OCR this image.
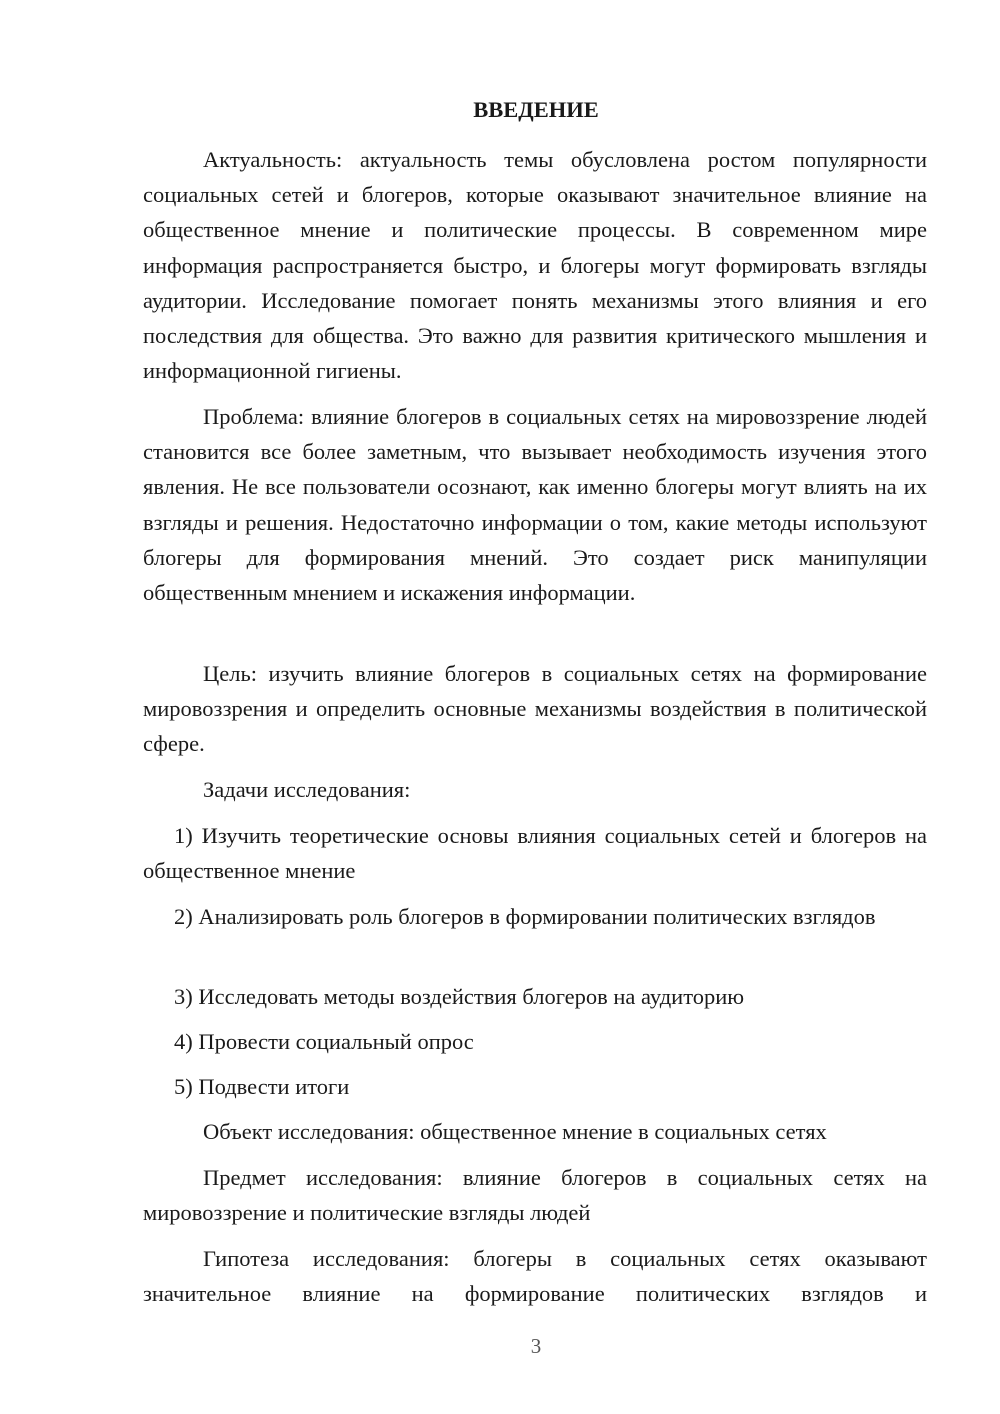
ВВЕДЕНИЕ
Актуальность: актуальность темы обусловлена ростом популярности социальных сетей и блогеров, которые оказывают значительное влияние на общественное мнение и политические процессы. В современном мире информация распространяется быстро, и блогеры могут формировать взгляды аудитории. Исследование помогает понять механизмы этого влияния и его последствия для общества. Это важно для развития критического мышления и информационной гигиены.
Проблема: влияние блогеров в социальных сетях на мировоззрение людей становится все более заметным, что вызывает необходимость изучения этого явления. Не все пользователи осознают, как именно блогеры могут влиять на их взгляды и решения. Недостаточно информации о том, какие методы используют блогеры для формирования мнений. Это создает риск манипуляции общественным мнением и искажения информации.
Цель: изучить влияние блогеров в социальных сетях на формирование мировоззрения и определить основные механизмы воздействия в политической сфере.
Задачи исследования:
1) Изучить теоретические основы влияния социальных сетей и блогеров на общественное мнение
2) Анализировать роль блогеров в формировании политических взглядов
3) Исследовать методы воздействия блогеров на аудиторию
4) Провести социальный опрос
5) Подвести итоги
Объект исследования: общественное мнение в социальных сетях
Предмет исследования: влияние блогеров в социальных сетях на мировоззрение и политические взгляды людей
Гипотеза исследования: блогеры в социальных сетях оказывают значительное влияние на формирование политических взглядов и
3
